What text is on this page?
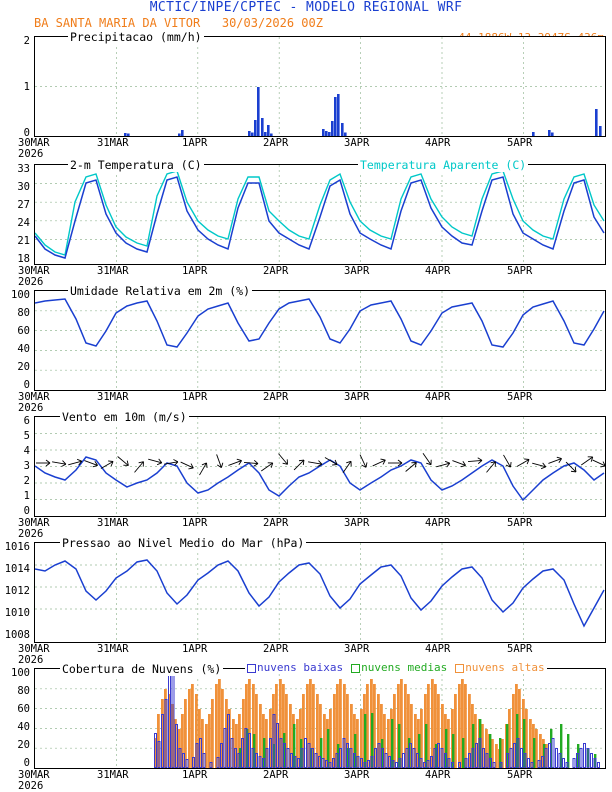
MCTIC/INPE/CPTEC - MODELO REGIONAL WRF
BA SANTA MARIA DA VITOR   30/03/2026 00Z
2
1
0
Precipitacao (mm/h)
30MAR	31MAR	1APR	2APR	3APR	4APR	5APR
2026
33
30
27
24
21
18
2-m Temperatura (C)	Temperatura Aparente (C)
30MAR	31MAR	1APR	2APR	3APR	4APR	5APR
2026
100
80
60
40
20
0
Umidade Relativa em 2m (%)
30MAR	31MAR	1APR	2APR	3APR	4APR	5APR
2026
6
5
4
3
2
1
0
Vento em 10m (m/s)
30MAR	31MAR	1APR	2APR	3APR	4APR	5APR
2026
1016
1014
1012
1010
1008
Pressao ao Nivel Medio do Mar (hPa)
30MAR	31MAR	1APR	2APR	3APR	4APR	5APR
2026
100
80
60
40
20
0
Cobertura de Nuvens (%)	nuvens baixas	nuvens medias	nuvens altas
30MAR	31MAR	1APR	2APR	3APR	4APR	5APR
2026
